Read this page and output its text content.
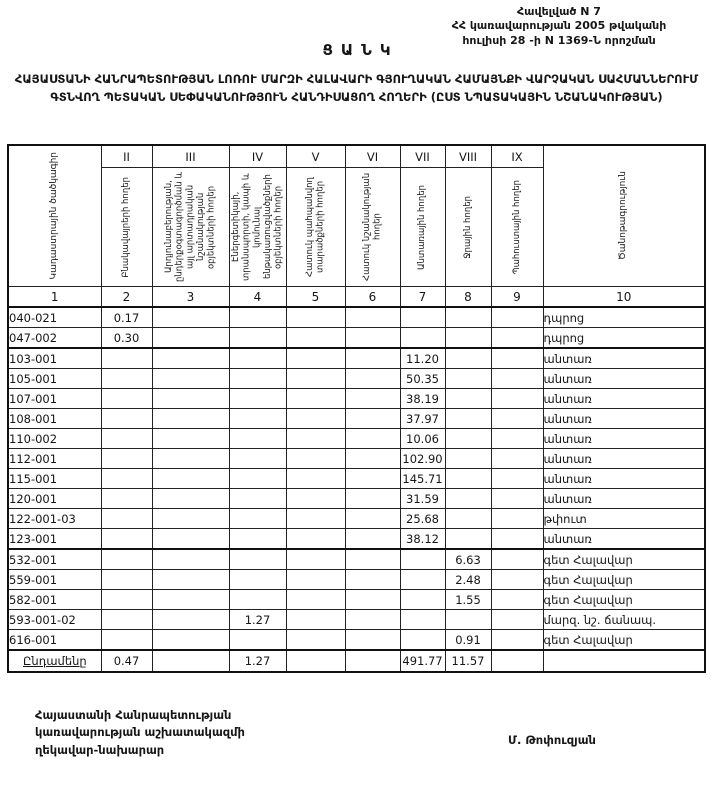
Հավելված N 7
ՀՀ կառավարության 2005 թվականի
հուլիսի 28 -ի N 1369-Ն որոշման
ՑԱՆԿ
ՀԱՅԱՍՏԱՆԻ ՀԱՆՐԱՊԵՏՈՒԹՅԱՆ ԼՈՌՈՒ ՄԱՐԶԻ ՀԱԼԱՎԱՐԻ ԳՅՈՒՂԱԿԱՆ ՀԱՄԱՅՆՔԻ ՎԱՐՉԱԿԱՆ ՍԱՀՄԱՆՆԵՐՈՒՄ ԳՏՆՎՈՂ ՊԵՏԱԿԱՆ ՍԵՓԱԿԱՆՈՒԹՅՈՒՆ ՀԱՆԴԻՍԱՑՈՂ ՀՈՂԵՐԻ (ԸՍՏ ՆՊԱՏԱԿԱՅԻՆ ՆՇԱՆԱԿՈՒԹՅԱՆ)
Կադաստրային ծածկագիր	II	III	IV	V	VI	VII	VIII	IX	Ծանոթագրություն

	Բնակավայրերի հողեր	Արդյունաբերության, ընդերքօգտագործման և այլ արտադրական նշանակության օբյեկտների հողեր	Էներգետիկայի, տրանսպորտի, կապի և կոմունալ ենթակառուցվածքների օբյեկտների հողեր	Հատուկ պահպանվող տարածքների հողեր	Հատուկ նշանակության հողեր	Անտառային հողեր	Ջրային հողեր	Պահուստային հողեր	

1	2	3	4	5	6	7	8	9	10
040-021	0.17								դպրոց
047-002	0.30								դպրոց
103-001						11.20			անտառ
105-001						50.35			անտառ
107-001						38.19			անտառ
108-001						37.97			անտառ
110-002						10.06			անտառ
112-001						102.90			անտառ
115-001						145.71			անտառ
120-001						31.59			անտառ
122-001-03						25.68			թփուտ
123-001						38.12			անտառ
532-001							6.63		գետ Հալավար
559-001							2.48		գետ Հալավար
582-001							1.55		գետ Հալավար
593-001-02			1.27						մարզ. նշ. ճանապ.
616-001							0.91		գետ Հալավար
Ընդամենը	0.47		1.27			491.77	11.57		
Հայաստանի Հանրապետության
կառավարության աշխատակազմի
ղեկավար-նախարար
Մ. Թոփուզյան
